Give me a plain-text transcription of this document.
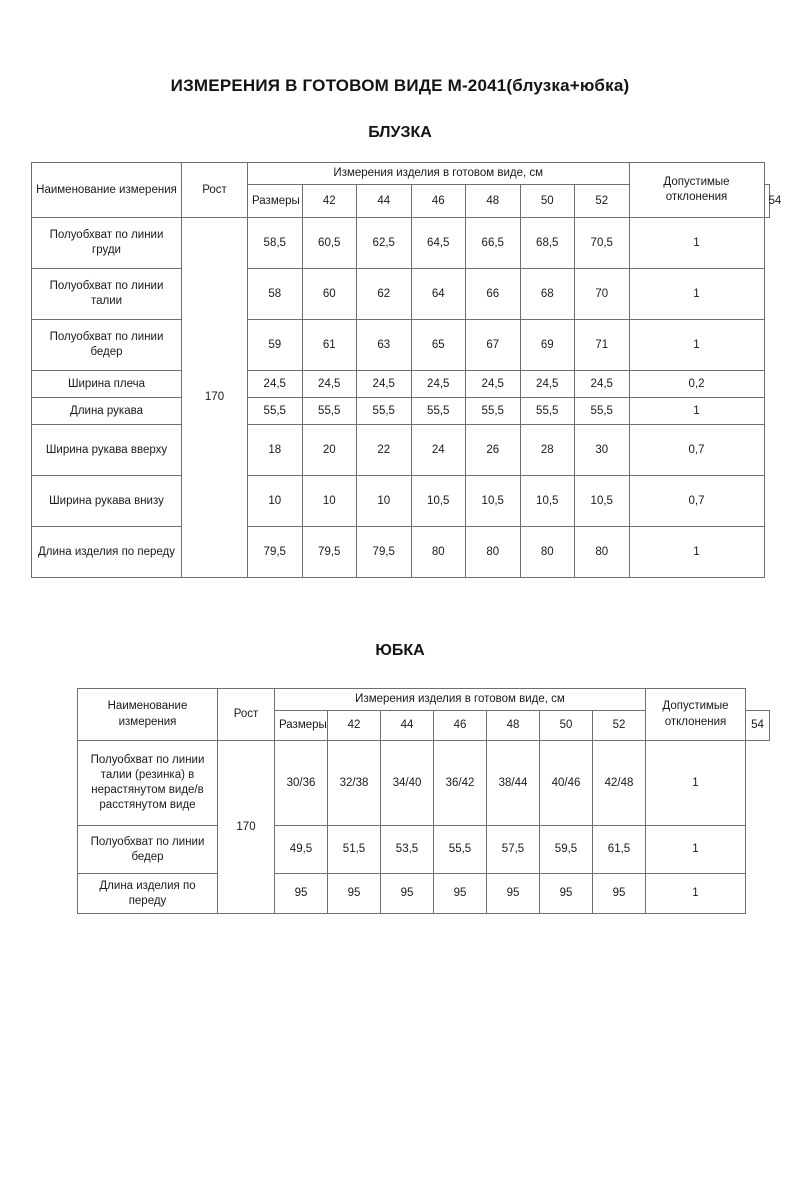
ИЗМЕРЕНИЯ В ГОТОВОМ ВИДЕ М-2041(блузка+юбка)
БЛУЗКА
Наименование измерения	Рост	Измерения изделия в готовом виде, см							Допустимые отклонения	
		Размеры	42	44	46	48	50	52		54
Полуобхват по линии груди	170	58,5	60,5	62,5	64,5	66,5	68,5	70,5	1	
Полуобхват по линии талии		58	60	62	64	66	68	70	1	
Полуобхват по линии бедер		59	61	63	65	67	69	71	1	
Ширина плеча		24,5	24,5	24,5	24,5	24,5	24,5	24,5	0,2	
Длина рукава		55,5	55,5	55,5	55,5	55,5	55,5	55,5	1	
Ширина рукава вверху		18	20	22	24	26	28	30	0,7	
Ширина рукава внизу		10	10	10	10,5	10,5	10,5	10,5	0,7	
Длина изделия по переду		79,5	79,5	79,5	80	80	80	80	1	
ЮБКА
Наименование измерения	Рост	Измерения изделия в готовом виде, см							Допустимые отклонения	
		Размеры	42	44	46	48	50	52		54
Полуобхват по линии талии (резинка) в нерастянутом виде/в расстянутом виде	170	30/36	32/38	34/40	36/42	38/44	40/46	42/48	1	
Полуобхват по линии бедер		49,5	51,5	53,5	55,5	57,5	59,5	61,5	1	
Длина изделия по переду		95	95	95	95	95	95	95	1	
